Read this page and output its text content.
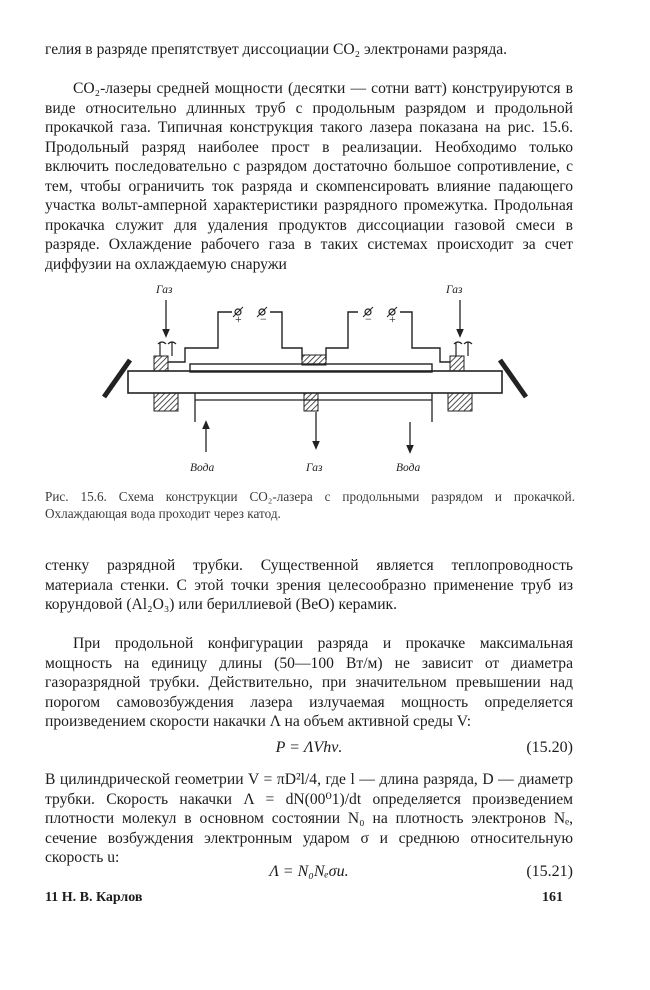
гелия в разряде препятствует диссоциации CO₂ электронами разряда.

CO₂-лазеры средней мощности (десятки — сотни ватт) конструируются в виде относительно длинных труб с продольным разрядом и продольной прокачкой газа. Типичная конструкция такого лазера показана на рис. 15.6. Продольный разряд наиболее прост в реализации. Необходимо только включить последовательно с разрядом достаточно большое сопротивление, с тем, чтобы ограничить ток разряда и скомпенсировать влияние падающего участка вольт-амперной характеристики разрядного промежутка. Продольная прокачка служит для удаления продуктов диссоциации газовой смеси в разряде. Охлаждение рабочего газа в таких системах происходит за счет диффузии на охлаждаемую снаружи

Газ	Газ
Вода	Газ	Вода
+ −	− +

Рис. 15.6. Схема конструкции CO₂-лазера с продольными разрядом и прокачкой. Охлаждающая вода проходит через катод.

стенку разрядной трубки. Существенной является теплопроводность материала стенки. С этой точки зрения целесообразно применение труб из корундовой (Al₂O₃) или бериллиевой (BeO) керамик.

При продольной конфигурации разряда и прокачке максимальная мощность на единицу длины (50—100 Вт/м) не зависит от диаметра газоразрядной трубки. Действительно, при значительном превышении над порогом самовозбуждения лазера излучаемая мощность определяется произведением скорости накачки Λ на объем активной среды V:

P = ΛVhν.	(15.20)

В цилиндрической геометрии V = πD²l/4, где l — длина разряда, D — диаметр трубки. Скорость накачки Λ = dN(00⁰1)/dt определяется произведением плотности молекул в основном состоянии N₀ на плотность электронов Nₑ, сечение возбуждения электронным ударом σ и среднюю относительную скорость u:

Λ = N₀Nₑσu.	(15.21)
11 Н. В. Карлов	161
